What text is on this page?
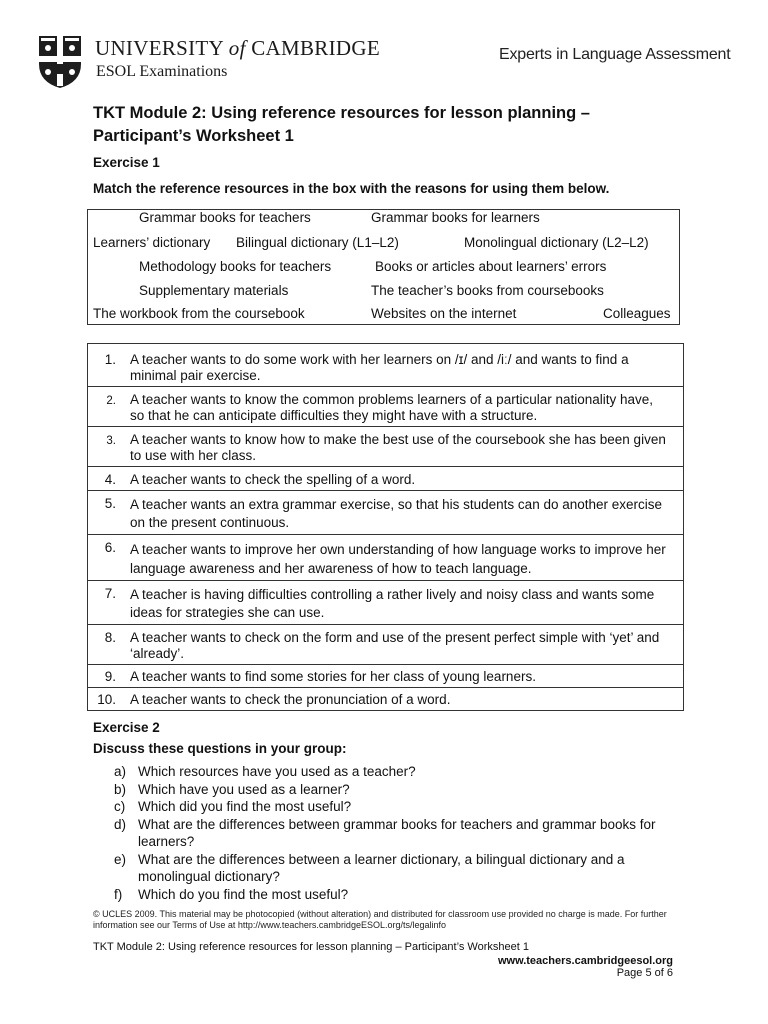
UNIVERSITY of CAMBRIDGE
ESOL Examinations
Experts in Language Assessment
TKT Module 2: Using reference resources for lesson planning –
Participant’s Worksheet 1
Exercise 1
Match the reference resources in the box with the reasons for using them below.
Grammar books for teachers	Grammar books for learners
Learners’ dictionary Bilingual dictionary (L1–L2)	Monolingual dictionary (L2–L2)
Methodology books for teachers	Books or articles about learners’ errors
Supplementary materials	The teacher’s books from coursebooks
The workbook from the coursebook	Websites on the internet	Colleagues
1. A teacher wants to do some work with her learners on /ɪ/ and /iː/ and wants to find a minimal pair exercise.
2. A teacher wants to know the common problems learners of a particular nationality have, so that he can anticipate difficulties they might have with a structure.
3. A teacher wants to know how to make the best use of the coursebook she has been given to use with her class.
4. A teacher wants to check the spelling of a word.
5. A teacher wants an extra grammar exercise, so that his students can do another exercise on the present continuous.
6. A teacher wants to improve her own understanding of how language works to improve her language awareness and her awareness of how to teach language.
7. A teacher is having difficulties controlling a rather lively and noisy class and wants some ideas for strategies she can use.
8. A teacher wants to check on the form and use of the present perfect simple with ‘yet’ and ‘already’.
9. A teacher wants to find some stories for her class of young learners.
10. A teacher wants to check the pronunciation of a word.
Exercise 2
Discuss these questions in your group:
a) Which resources have you used as a teacher?
b) Which have you used as a learner?
c) Which did you find the most useful?
d) What are the differences between grammar books for teachers and grammar books for learners?
e) What are the differences between a learner dictionary, a bilingual dictionary and a monolingual dictionary?
f) Which do you find the most useful?
© UCLES 2009. This material may be photocopied (without alteration) and distributed for classroom use provided no charge is made. For further information see our Terms of Use at http://www.teachers.cambridgeESOL.org/ts/legalinfo
TKT Module 2: Using reference resources for lesson planning – Participant’s Worksheet 1
www.teachers.cambridgeesol.org
Page 5 of 6
